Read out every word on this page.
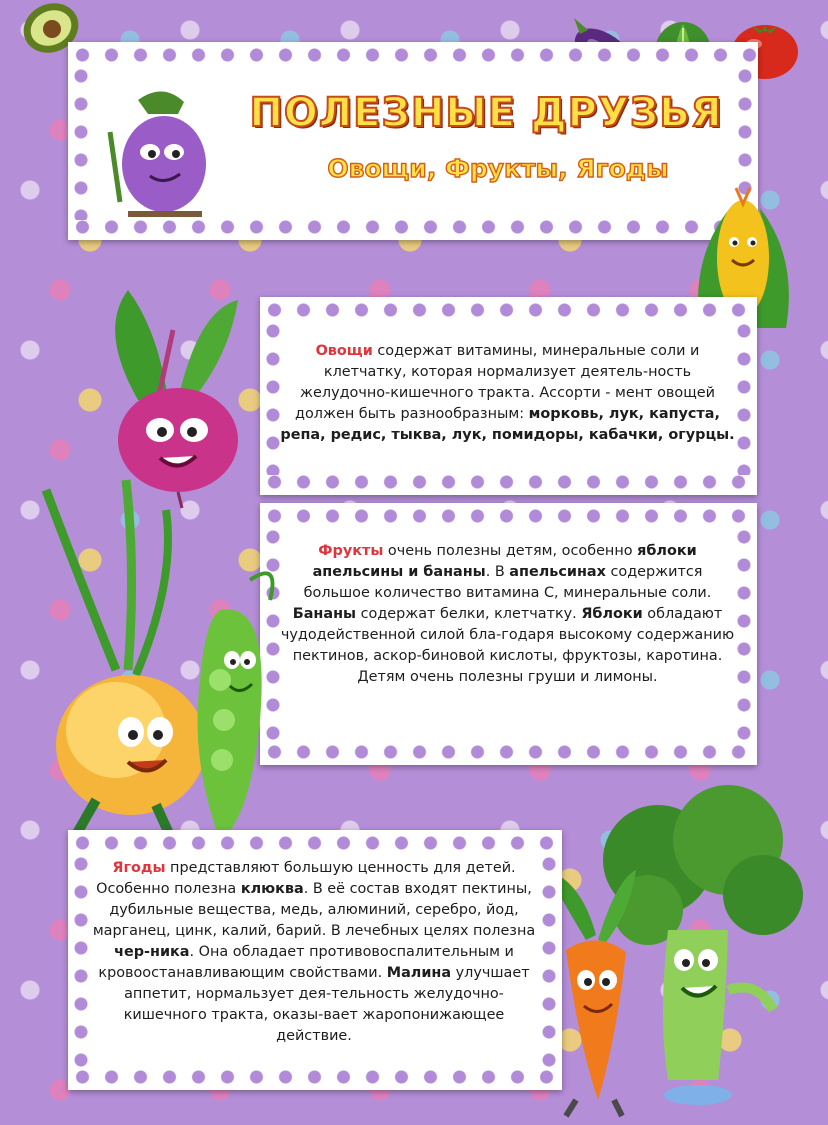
ПОЛЕЗНЫЕ ДРУЗЬЯ
Овощи, Фрукты, Ягоды
Овощи содержат витамины, минеральные соли и клетчатку, которая нормализует деятель-ность желудочно-кишечного тракта. Ассорти - мент овощей должен быть разнообразным: морковь, лук, капуста, репа, редис, тыква, лук, помидоры, кабачки, огурцы.
Фрукты очень полезны детям, особенно яблоки апельсины и бананы. В апельсинах содержится большое количество витамина С, минеральные соли. Бананы содержат белки, клетчатку. Яблоки обладают чудодейственной силой бла-годаря высокому содержанию пектинов, аскор-биновой кислоты, фруктозы, каротина. Детям очень полезны груши и лимоны.
Ягоды представляют большую ценность для детей. Особенно полезна клюква. В её состав входят пектины, дубильные вещества, медь, алюминий, серебро, йод, марганец, цинк, калий, барий. В лечебных целях полезна чер-ника. Она обладает противовоспалительным и кровоостанавливающим свойствами. Малина улучшает аппетит, нормальзует дея-тельность желудочно-кишечного тракта, оказы-вает жаропонижающее действие.
